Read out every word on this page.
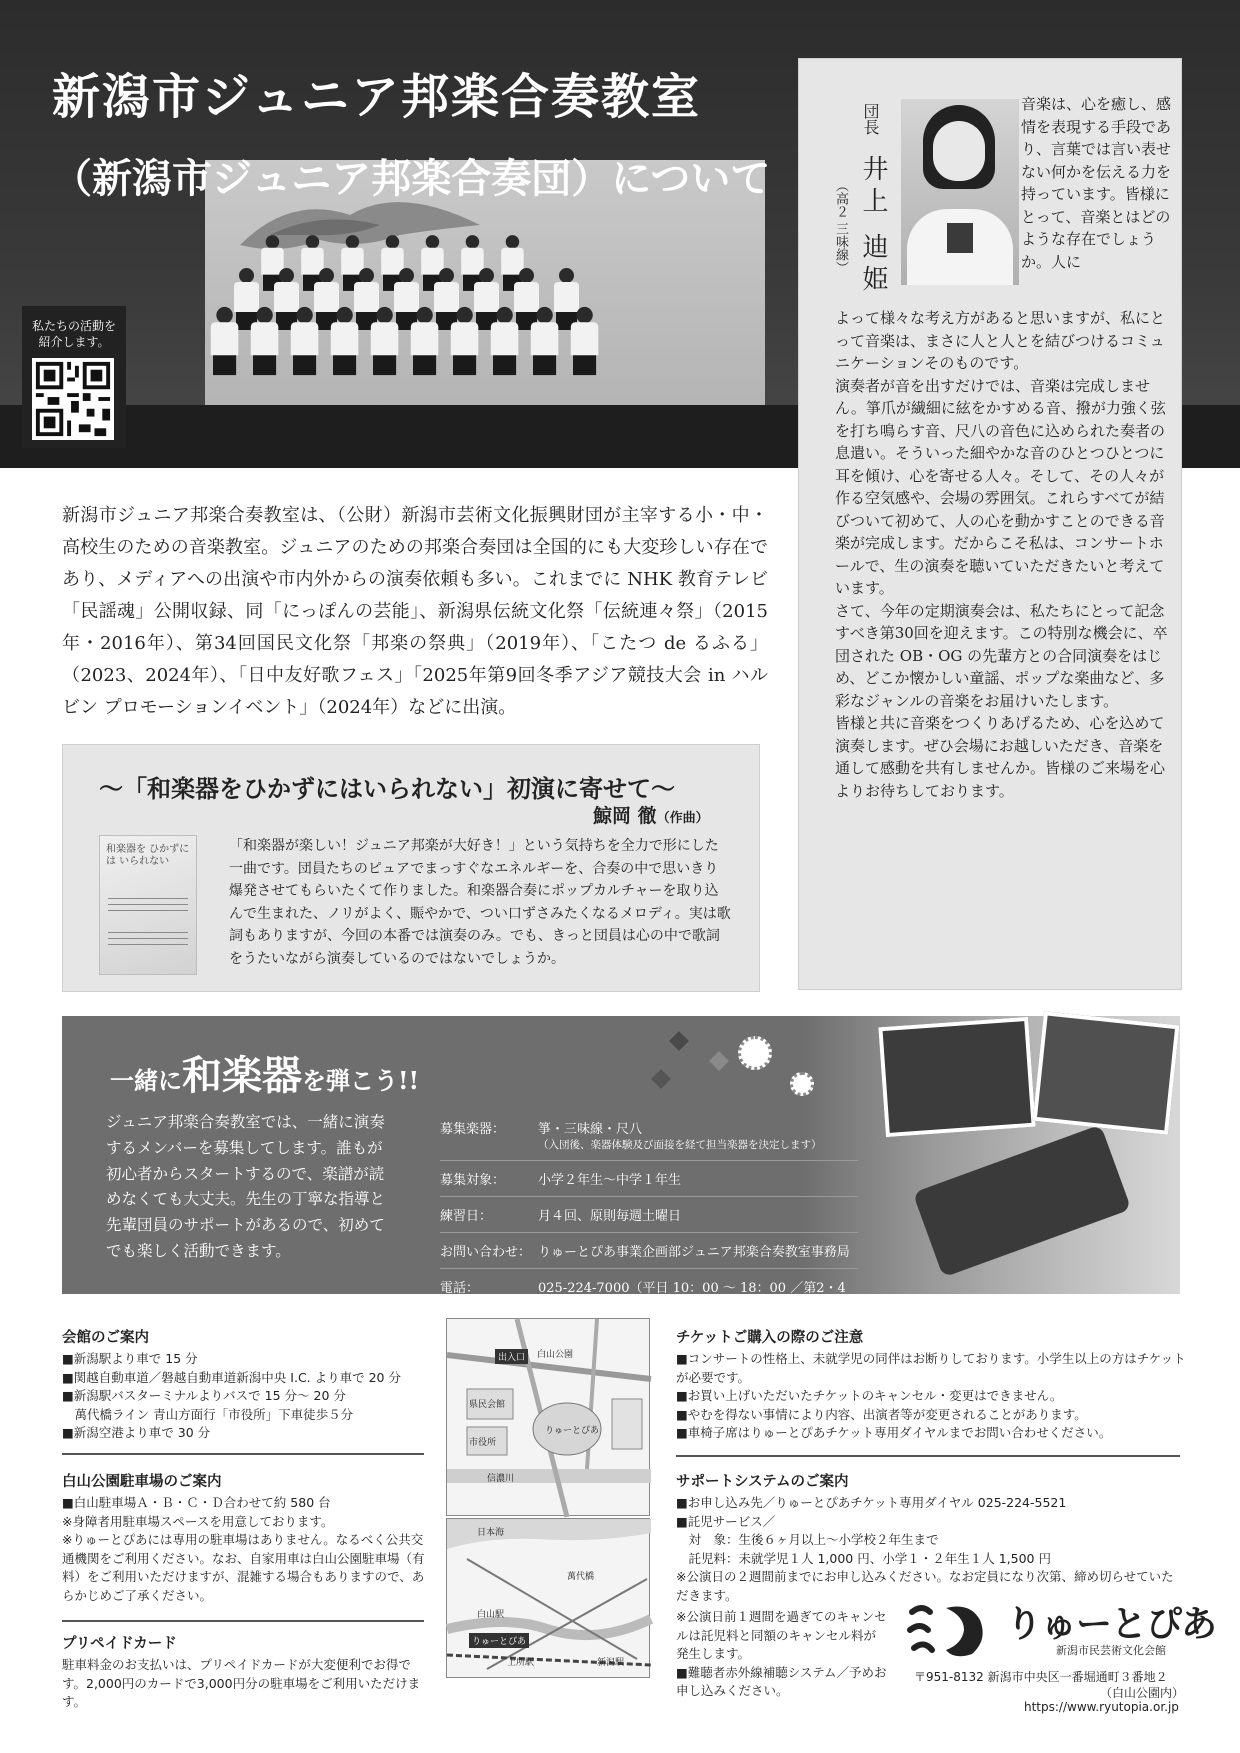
新潟市ジュニア邦楽合奏教室
（新潟市ジュニア邦楽合奏団）について
私たちの活動を紹介します。
団長
井上 迪姫
（高２ 三味線）
音楽は、心を癒し、感情を表現する手段であり、言葉では言い表せない何かを伝える力を持っています。皆様にとって、音楽とはどのような存在でしょうか。人に

よって様々な考え方があると思いますが、私にとって音楽は、まさに人と人とを結びつけるコミュニケーションそのものです。

演奏者が音を出すだけでは、音楽は完成しません。箏爪が繊細に絃をかすめる音、撥が力強く弦を打ち鳴らす音、尺八の音色に込められた奏者の息遣い。そういった細やかな音のひとつひとつに耳を傾け、心を寄せる人々。そして、その人々が作る空気感や、会場の雰囲気。これらすべてが結びついて初めて、人の心を動かすことのできる音楽が完成します。だからこそ私は、コンサートホールで、生の演奏を聴いていただきたいと考えています。

さて、今年の定期演奏会は、私たちにとって記念すべき第30回を迎えます。この特別な機会に、卒団された OB・OG の先輩方との合同演奏をはじめ、どこか懐かしい童謡、ポップな楽曲など、多彩なジャンルの音楽をお届けいたします。

皆様と共に音楽をつくりあげるため、心を込めて演奏します。ぜひ会場にお越しいただき、音楽を通して感動を共有しませんか。皆様のご来場を心よりお待ちしております。

新潟市ジュニア邦楽合奏教室は、（公財）新潟市芸術文化振興財団が主宰する小・中・高校生のための音楽教室。ジュニアのための邦楽合奏団は全国的にも大変珍しい存在であり、メディアへの出演や市内外からの演奏依頼も多い。これまでに NHK 教育テレビ「民謡魂」公開収録、同「にっぽんの芸能」、新潟県伝統文化祭「伝統連々祭」（2015年・2016年）、第34回国民文化祭「邦楽の祭典」（2019年）、「こたつ de るふる」（2023、2024年）、「日中友好歌フェス」「2025年第9回冬季アジア競技大会 in ハルビン プロモーションイベント」（2024年）などに出演。

～「和楽器をひかずにはいられない」初演に寄せて～
鯨岡 徹（作曲）
和楽器を ひかずには いられない

「和楽器が楽しい！ジュニア邦楽が大好き！」という気持ちを全力で形にした一曲です。団員たちのピュアでまっすぐなエネルギーを、合奏の中で思いきり爆発させてもらいたくて作りました。和楽器合奏にポップカルチャーを取り込んで生まれた、ノリがよく、賑やかで、つい口ずさみたくなるメロディ。実は歌詞もありますが、今回の本番では演奏のみ。でも、きっと団員は心の中で歌詞をうたいながら演奏しているのではないでしょうか。

一緒に和楽器を弾こう!!

ジュニア邦楽合奏教室では、一緒に演奏するメンバーを募集してします。誰もが初心者からスタートするので、楽譜が読めなくても大丈夫。先生の丁寧な指導と先輩団員のサポートがあるので、初めてでも楽しく活動できます。

募集楽器：	箏・三味線・尺八
（入団後、楽器体験及び面接を経て担当楽器を決定します）
募集対象：	小学２年生～中学１年生
練習日：	月４回、原則毎週土曜日
お問い合わせ： りゅーとぴあ事業企画部ジュニア邦楽合奏教室事務局
電話：	025-224-7000（平日 10：00 ～ 18：00 ／第2・4月曜休館）
会館のご案内
■新潟駅より車で 15 分
■関越自動車道／磐越自動車道新潟中央 I.C. より車で 20 分
■新潟駅バスターミナルよりバスで 15 分～ 20 分
　萬代橋ライン 青山方面行「市役所」下車徒歩５分
■新潟空港より車で 30 分
白山公園駐車場のご案内
■白山駐車場Ａ・Ｂ・Ｃ・Ｄ合わせて約 580 台
※身障者用駐車場スペースを用意しております。
※りゅーとぴあには専用の駐車場はありません。なるべく公共交通機関をご利用ください。なお、自家用車は白山公園駐車場（有料）をご利用いただけますが、混雑する場合もありますので、あらかじめご了承ください。
プリペイドカード
駐車料金のお支払いは、プリペイドカードが大変便利でお得です。2,000円のカードで3,000円分の駐車場をご利用いただけます。
出入口	白山公園
りゅーとぴあ
信濃川
県民会館
市役所
日本海
白山駅
りゅーとぴあ
上所駅	新潟駅
萬代橋
チケットご購入の際のご注意
■コンサートの性格上、未就学児の同伴はお断りしております。小学生以上の方はチケットが必要です。
■お買い上げいただいたチケットのキャンセル・変更はできません。
■やむを得ない事情により内容、出演者等が変更されることがあります。
■車椅子席はりゅーとぴあチケット専用ダイヤルまでお問い合わせください。
サポートシステムのご案内
■お申し込み先／りゅーとぴあチケット専用ダイヤル 025-224-5521
■託児サービス／
　対　象：生後６ヶ月以上～小学校２年生まで
　託児料：未就学児１人 1,000 円、小学１・２年生１人 1,500 円
※公演日の２週間前までにお申し込みください。なお定員になり次第、締め切らせていただきます。
※公演日前１週間を過ぎてのキャンセルは託児料と同額のキャンセル料が発生します。
■難聴者赤外線補聴システム／予めお申し込みください。
りゅーとぴあ
新潟市民芸術文化会館
〒951-8132 新潟市中央区一番堀通町３番地２
（白山公園内）
https://www.ryutopia.or.jp
